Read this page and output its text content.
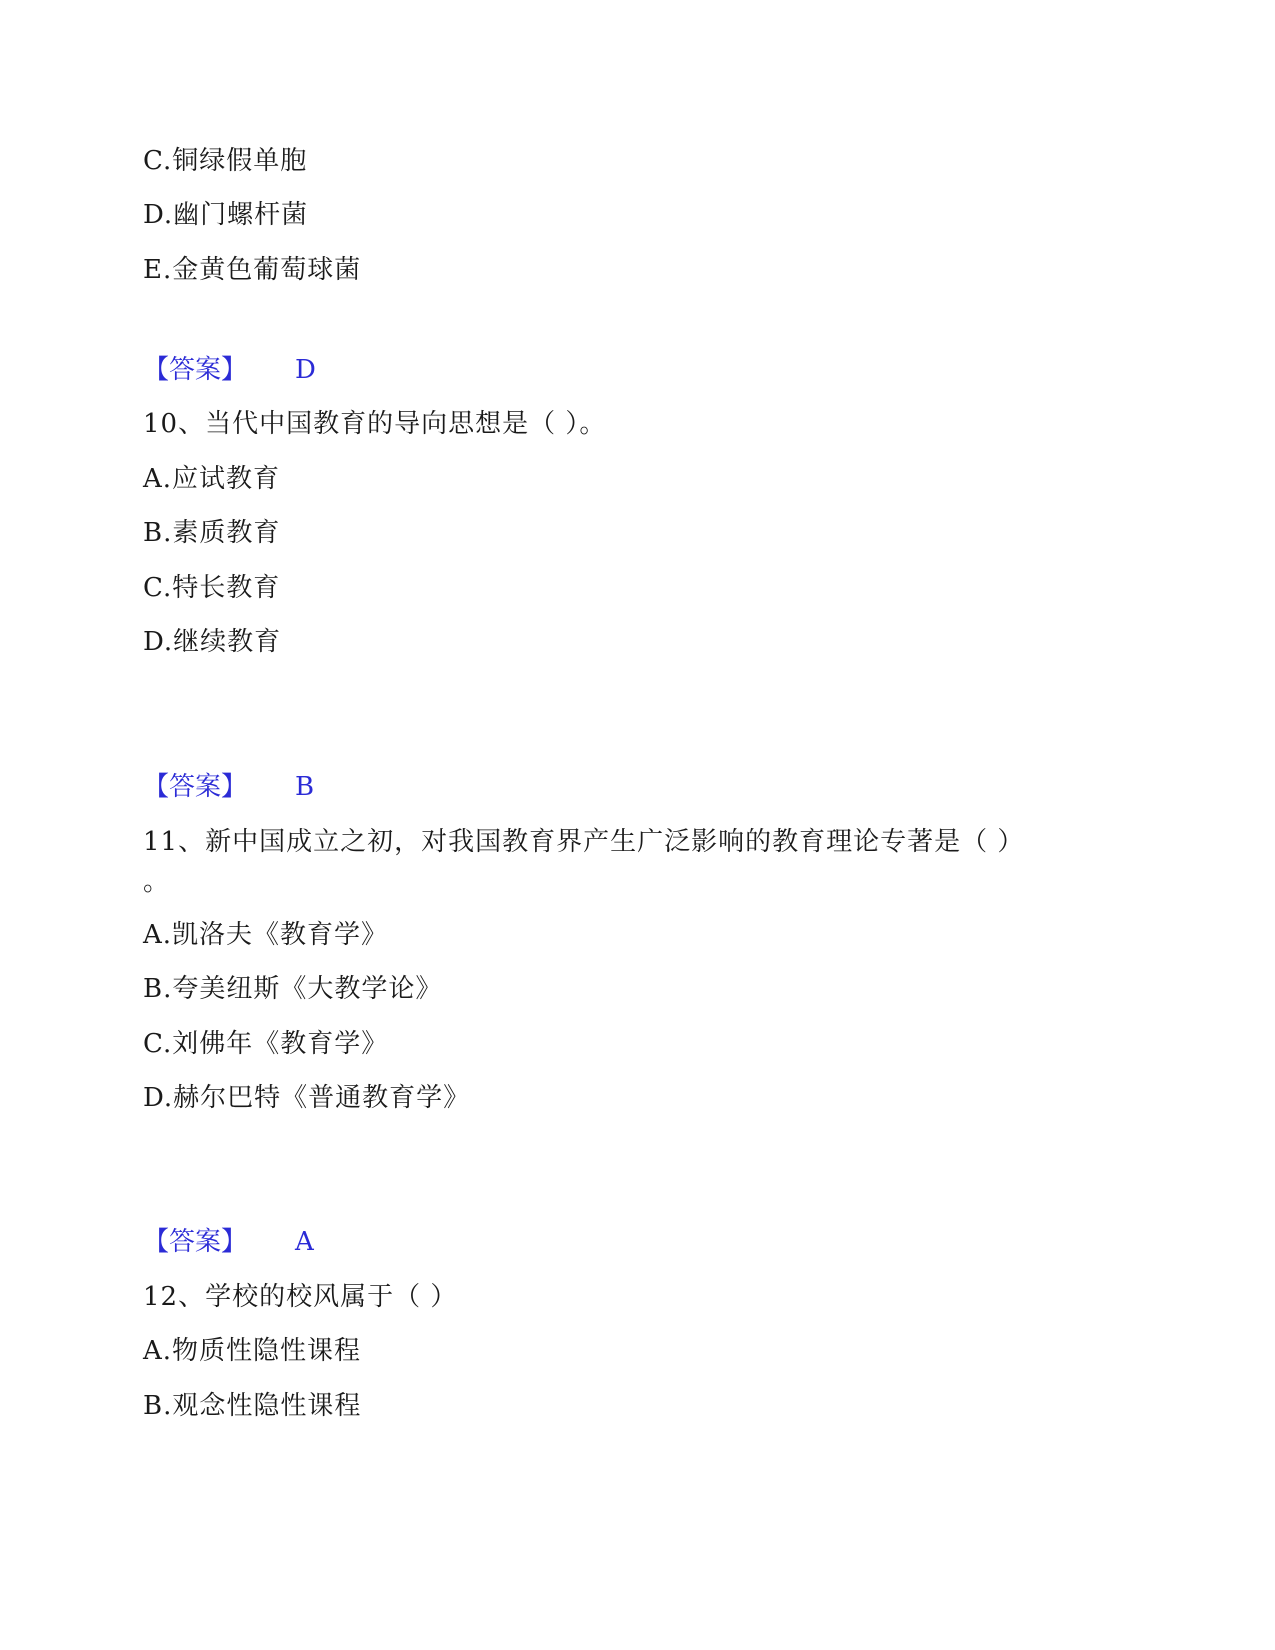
C.铜绿假单胞
D.幽门螺杆菌
E.金黄色葡萄球菌
【答案】 D
10、当代中国教育的导向思想是（ ）。
A.应试教育
B.素质教育
C.特长教育
D.继续教育
【答案】 B
11、新中国成立之初，对我国教育界产生广泛影响的教育理论专著是（ ）
。
A.凯洛夫《教育学》
B.夸美纽斯《大教学论》
C.刘佛年《教育学》
D.赫尔巴特《普通教育学》
【答案】 A
12、学校的校风属于（ ）
A.物质性隐性课程
B.观念性隐性课程
